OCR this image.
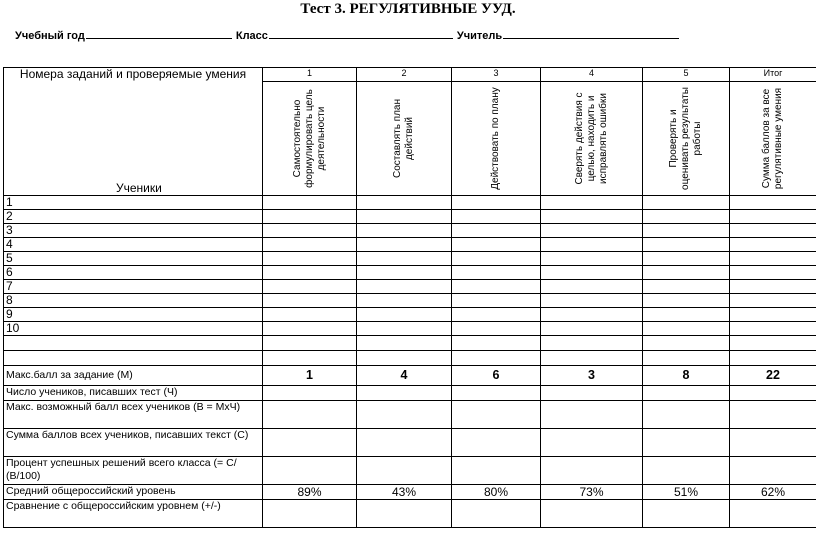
Тест 3. РЕГУЛЯТИВНЫЕ УУД.
Учебный год	Класс	Учитель
Номера заданий и проверяемые умения
Ученики	1	2	3	4	5	Итог

Самостоятельно формулировать цель деятельности	Составлять план действий	Действовать по плану	Сверять действия с целью, находить и исправлять ошибки	Проверять и оценивать результаты работы	Сумма баллов за все регулятивные умения

1						
2						
3						
4						
5						
6						
7						
8						
9						
10						

Макс.балл за задание (М)	1	4	6	3	8	22
Число учеников, писавших тест (Ч)						
Макс. возможный балл всех учеников (В = МхЧ)						
Сумма баллов всех учеников, писавших текст (С)						
Процент успешных решений всего класса (= С/ (В/100)						
Средний общероссийский уровень	89%	43%	80%	73%	51%	62%
Сравнение с общероссийским уровнем (+/-)						
